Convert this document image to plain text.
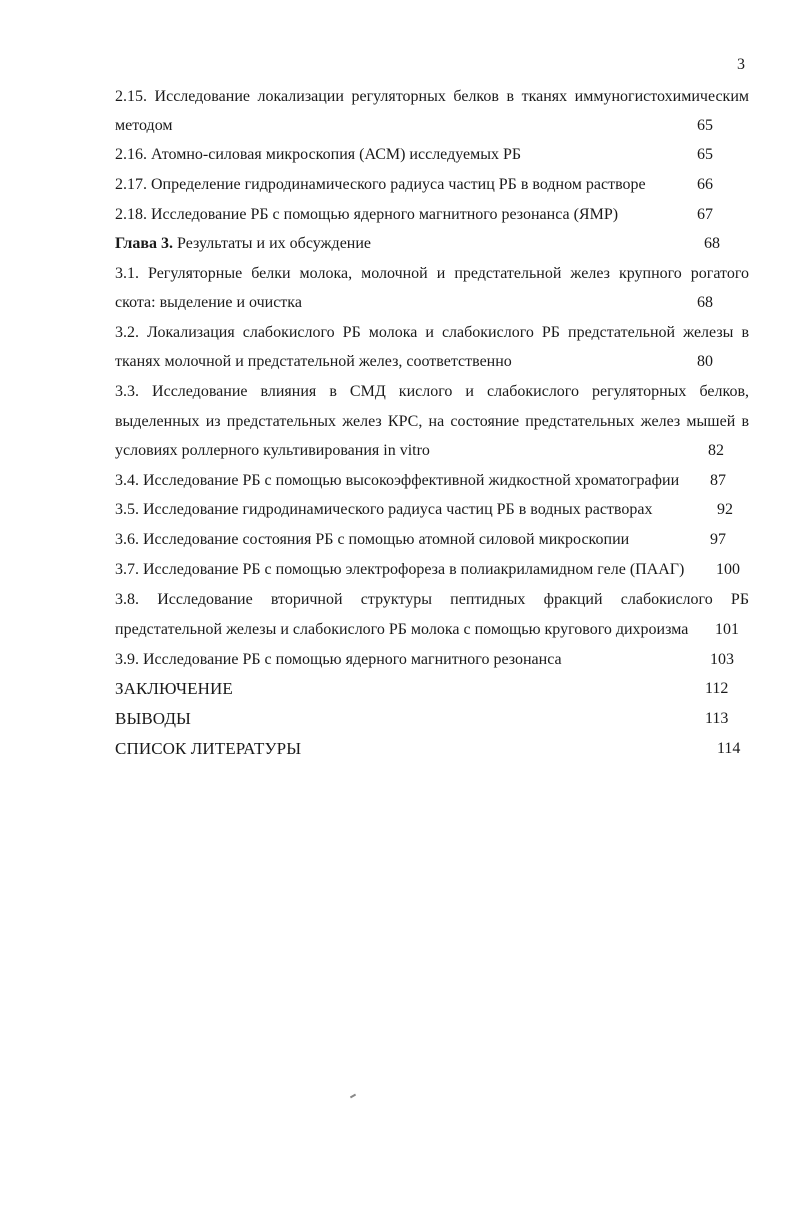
3
2.15. Исследование локализации регуляторных белков в тканях иммуногистохимическим
методом	65
2.16. Атомно-силовая микроскопия (АСМ) исследуемых РБ	65
2.17. Определение гидродинамического радиуса частиц РБ в водном растворе	66
2.18. Исследование РБ с помощью ядерного магнитного резонанса (ЯМР)	67
Глава 3. Результаты и их обсуждение	68
3.1. Регуляторные белки молока, молочной и предстательной желез крупного рогатого
скота: выделение и очистка	68
3.2. Локализация слабокислого РБ молока и слабокислого РБ предстательной железы в
тканях молочной и предстательной желез, соответственно	80
3.3. Исследование влияния в СМД кислого и слабокислого регуляторных белков,
выделенных из предстательных желез КРС, на состояние предстательных желез мышей в
условиях роллерного культивирования in vitro	82
3.4. Исследование РБ с помощью высокоэффективной жидкостной хроматографии 87
3.5. Исследование гидродинамического радиуса частиц РБ в водных растворах	92
3.6. Исследование состояния РБ с помощью атомной силовой микроскопии	97
3.7. Исследование РБ с помощью электрофореза в полиакриламидном геле (ПААГ) 100
3.8. Исследование вторичной структуры пептидных фракций слабокислого РБ
предстательной железы и слабокислого РБ молока с помощью кругового дихроизма 101
3.9. Исследование РБ с помощью ядерного магнитного резонанса	103
ЗАКЛЮЧЕНИЕ	112
ВЫВОДЫ	113
СПИСОК ЛИТЕРАТУРЫ	114
